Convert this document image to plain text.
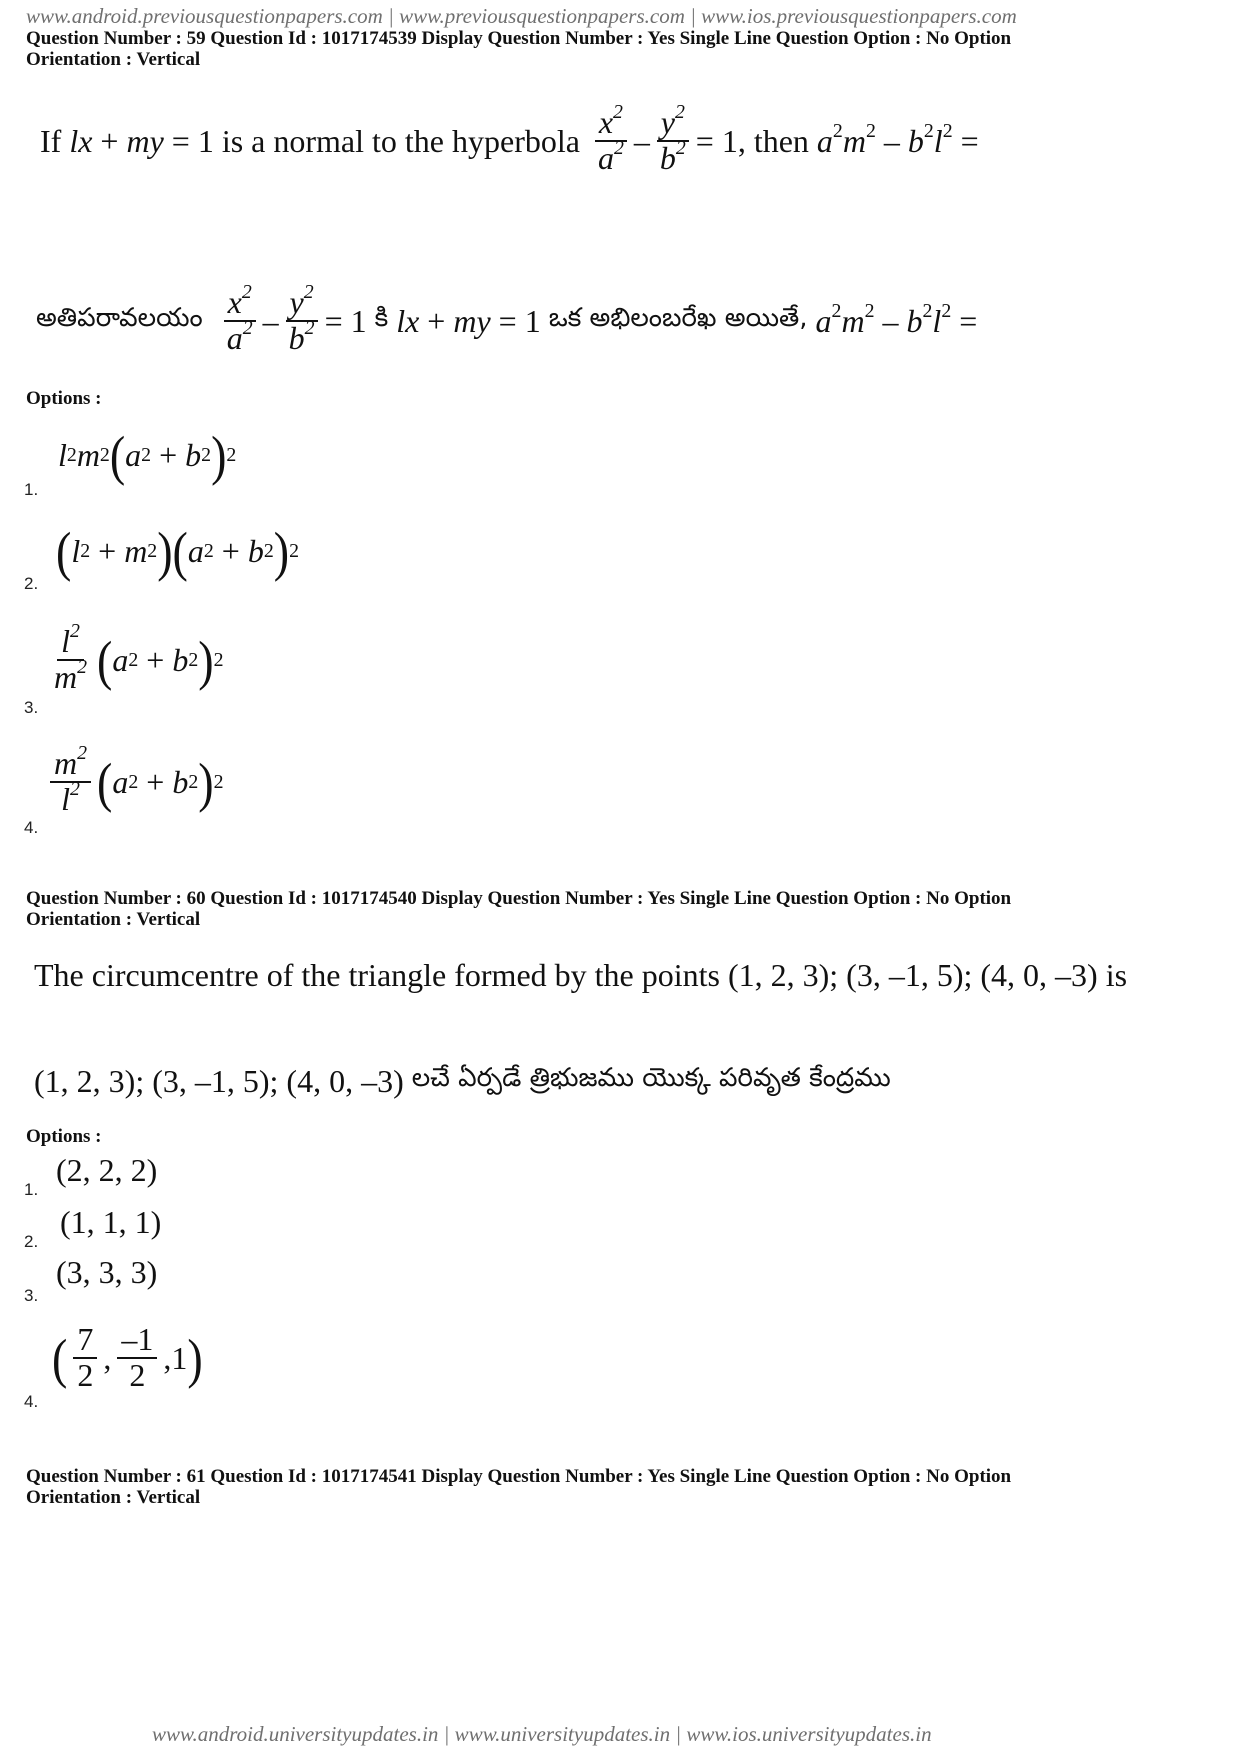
www.android.previousquestionpapers.com | www.previousquestionpapers.com | www.ios.previousquestionpapers.com
Question Number : 59 Question Id : 1017174539 Display Question Number : Yes Single Line Question Option : No Option
Orientation : Vertical
If lx + my = 1 is a normal to the hyperbola $\frac{x^2}{a^2} - \frac{y^2}{b^2} = 1$ , then $a^2m^2 - b^2l^2$ =
అతిపరావలయం $\frac{x^2}{a^2} - \frac{y^2}{b^2} = 1$ కి lx + my = 1 ఒక అభిలంబరేఖ అయితే, $a^2m^2 - b^2l^2$ =
Options :
1.
l 2 m 2 ( a 2 + b 2 ) 2
2.
( l 2 + m 2 ) ( a 2 + b 2 ) 2
3.
$\frac{l^2}{m^2}$ ( a 2 + b 2 ) 2
4.
$\frac{m^2}{l^2}$ ( a 2 + b 2 ) 2
Question Number : 60 Question Id : 1017174540 Display Question Number : Yes Single Line Question Option : No Option
Orientation : Vertical
The circumcentre of the triangle formed by the points (1, 2, 3); (3, –1, 5); (4, 0, –3) is
(1, 2, 3); (3, –1, 5); (4, 0, –3) లచే ఏర్పడే త్రిభుజము యొక్క పరివృత కేంద్రము
Options :
1.
(2, 2, 2)
2.
(1, 1, 1)
3.
(3, 3, 3)
4.
( $\frac{7}{2}$ , $\frac{-1}{2}$ , 1 )
Question Number : 61 Question Id : 1017174541 Display Question Number : Yes Single Line Question Option : No Option
Orientation : Vertical
www.android.universityupdates.in | www.universityupdates.in | www.ios.universityupdates.in
